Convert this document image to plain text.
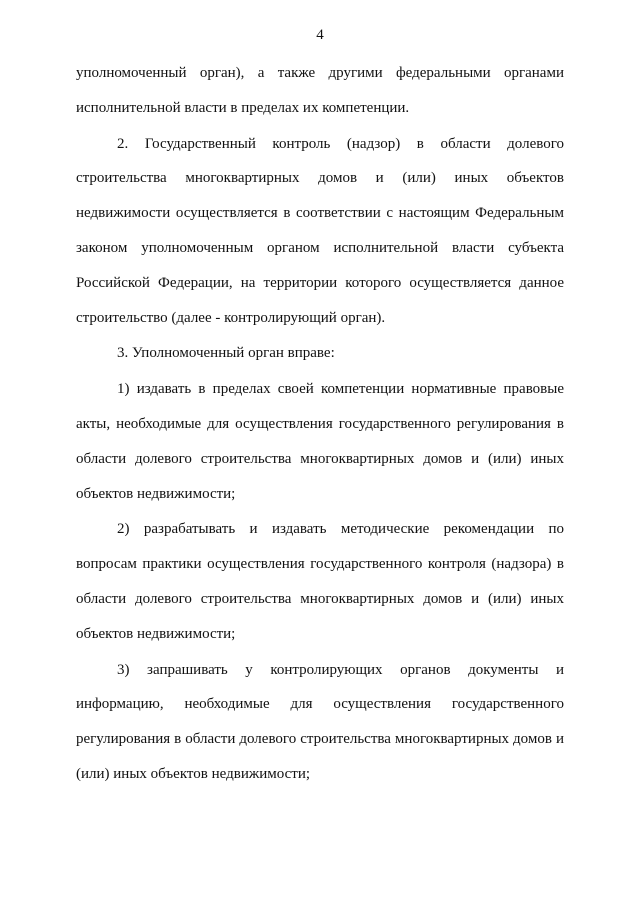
4

уполномоченный орган), а также другими федеральными органами исполнительной власти в пределах их компетенции.

2. Государственный контроль (надзор) в области долевого строительства многоквартирных домов и (или) иных объектов недвижимости осуществляется в соответствии с настоящим Федеральным законом уполномоченным органом исполнительной власти субъекта Российской Федерации, на территории которого осуществляется данное строительство (далее - контролирующий орган).

3. Уполномоченный орган вправе:

1) издавать в пределах своей компетенции нормативные правовые акты, необходимые для осуществления государственного регулирования в области долевого строительства многоквартирных домов и (или) иных объектов недвижимости;

2) разрабатывать и издавать методические рекомендации по вопросам практики осуществления государственного контроля (надзора) в области долевого строительства многоквартирных домов и (или) иных объектов недвижимости;

3) запрашивать у контролирующих органов документы и информацию, необходимые для осуществления государственного регулирования в области долевого строительства многоквартирных домов и (или) иных объектов недвижимости;
